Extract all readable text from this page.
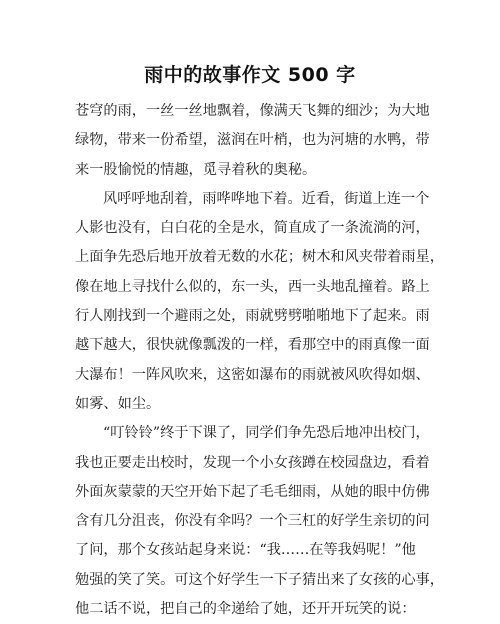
雨中的故事作文 500 字
苍穹的雨，一丝一丝地飘着，像满天飞舞的细沙；为大地
绿物，带来一份希望，滋润在叶梢，也为河塘的水鸭，带
来一股愉悦的情趣，觅寻着秋的奥秘。
风呼呼地刮着，雨哗哗地下着。近看，街道上连一个
人影也没有，白白花的全是水，简直成了一条流淌的河，
上面争先恐后地开放着无数的水花；树木和风夹带着雨星，
像在地上寻找什么似的，东一头，西一头地乱撞着。路上
行人刚找到一个避雨之处，雨就劈劈啪啪地下了起来。雨
越下越大，很快就像瓢泼的一样，看那空中的雨真像一面
大瀑布！一阵风吹来，这密如瀑布的雨就被风吹得如烟、
如雾、如尘。
“叮铃铃”终于下课了，同学们争先恐后地冲出校门，
我也正要走出校时，发现一个小女孩蹲在校园盘边，看着
外面灰蒙蒙的天空开始下起了毛毛细雨，从她的眼中仿佛
含有几分沮丧，你没有伞吗？一个三杠的好学生亲切的问
了问，那个女孩站起身来说：“我……在等我妈呢！”他
勉强的笑了笑。可这个好学生一下子猜出来了女孩的心事，
他二话不说，把自己的伞递给了她，还开开玩笑的说：
